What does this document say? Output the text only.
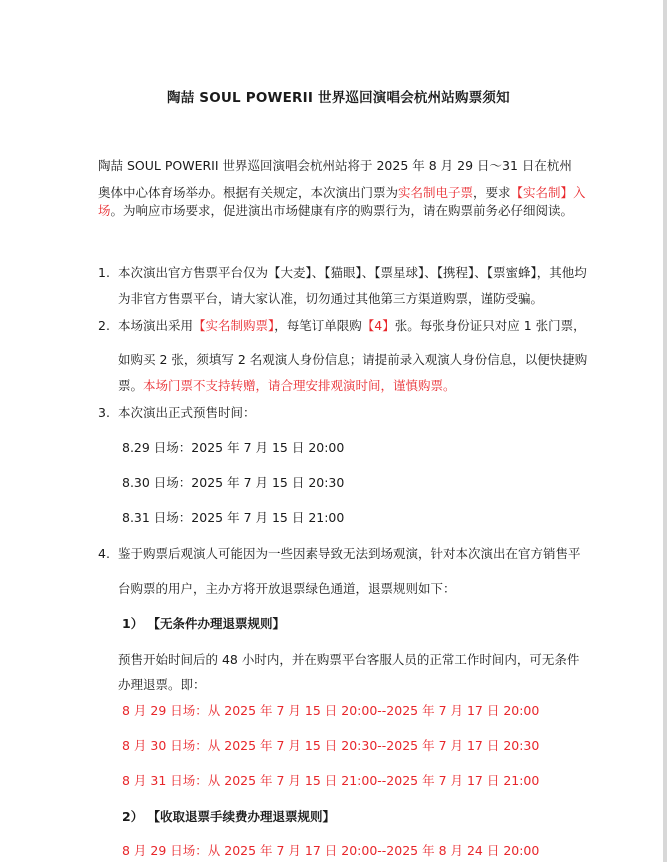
陶喆 SOUL POWERII 世界巡回演唱会杭州站购票须知
陶喆 SOUL POWERII 世界巡回演唱会杭州站将于 2025 年 8 月 29 日～31 日在杭州
奥体中心体育场举办。根据有关规定，本次演出门票为实名制电子票，要求【实名制】入
场。为响应市场要求，促进演出市场健康有序的购票行为，请在购票前务必仔细阅读。
1. 本次演出官方售票平台仅为【大麦】、【猫眼】、【票星球】、【携程】、【票蜜蜂】，其他均
为非官方售票平台，请大家认准，切勿通过其他第三方渠道购票，谨防受骗。
2. 本场演出采用【实名制购票】，每笔订单限购【4】张。每张身份证只对应 1 张门票，
如购买 2 张，须填写 2 名观演人身份信息；请提前录入观演人身份信息，以便快捷购
票。本场门票不支持转赠，请合理安排观演时间，谨慎购票。
3. 本次演出正式预售时间：
8.29 日场：2025 年 7 月 15 日 20:00
8.30 日场：2025 年 7 月 15 日 20:30
8.31 日场：2025 年 7 月 15 日 21:00
4. 鉴于购票后观演人可能因为一些因素导致无法到场观演，针对本次演出在官方销售平
台购票的用户，主办方将开放退票绿色通道，退票规则如下：
1） 【无条件办理退票规则】
预售开始时间后的 48 小时内，并在购票平台客服人员的正常工作时间内，可无条件
办理退票。即：
8 月 29 日场：从 2025 年 7 月 15 日 20:00--2025 年 7 月 17 日 20:00
8 月 30 日场：从 2025 年 7 月 15 日 20:30--2025 年 7 月 17 日 20:30
8 月 31 日场：从 2025 年 7 月 15 日 21:00--2025 年 7 月 17 日 21:00
2） 【收取退票手续费办理退票规则】
8 月 29 日场：从 2025 年 7 月 17 日 20:00--2025 年 8 月 24 日 20:00
